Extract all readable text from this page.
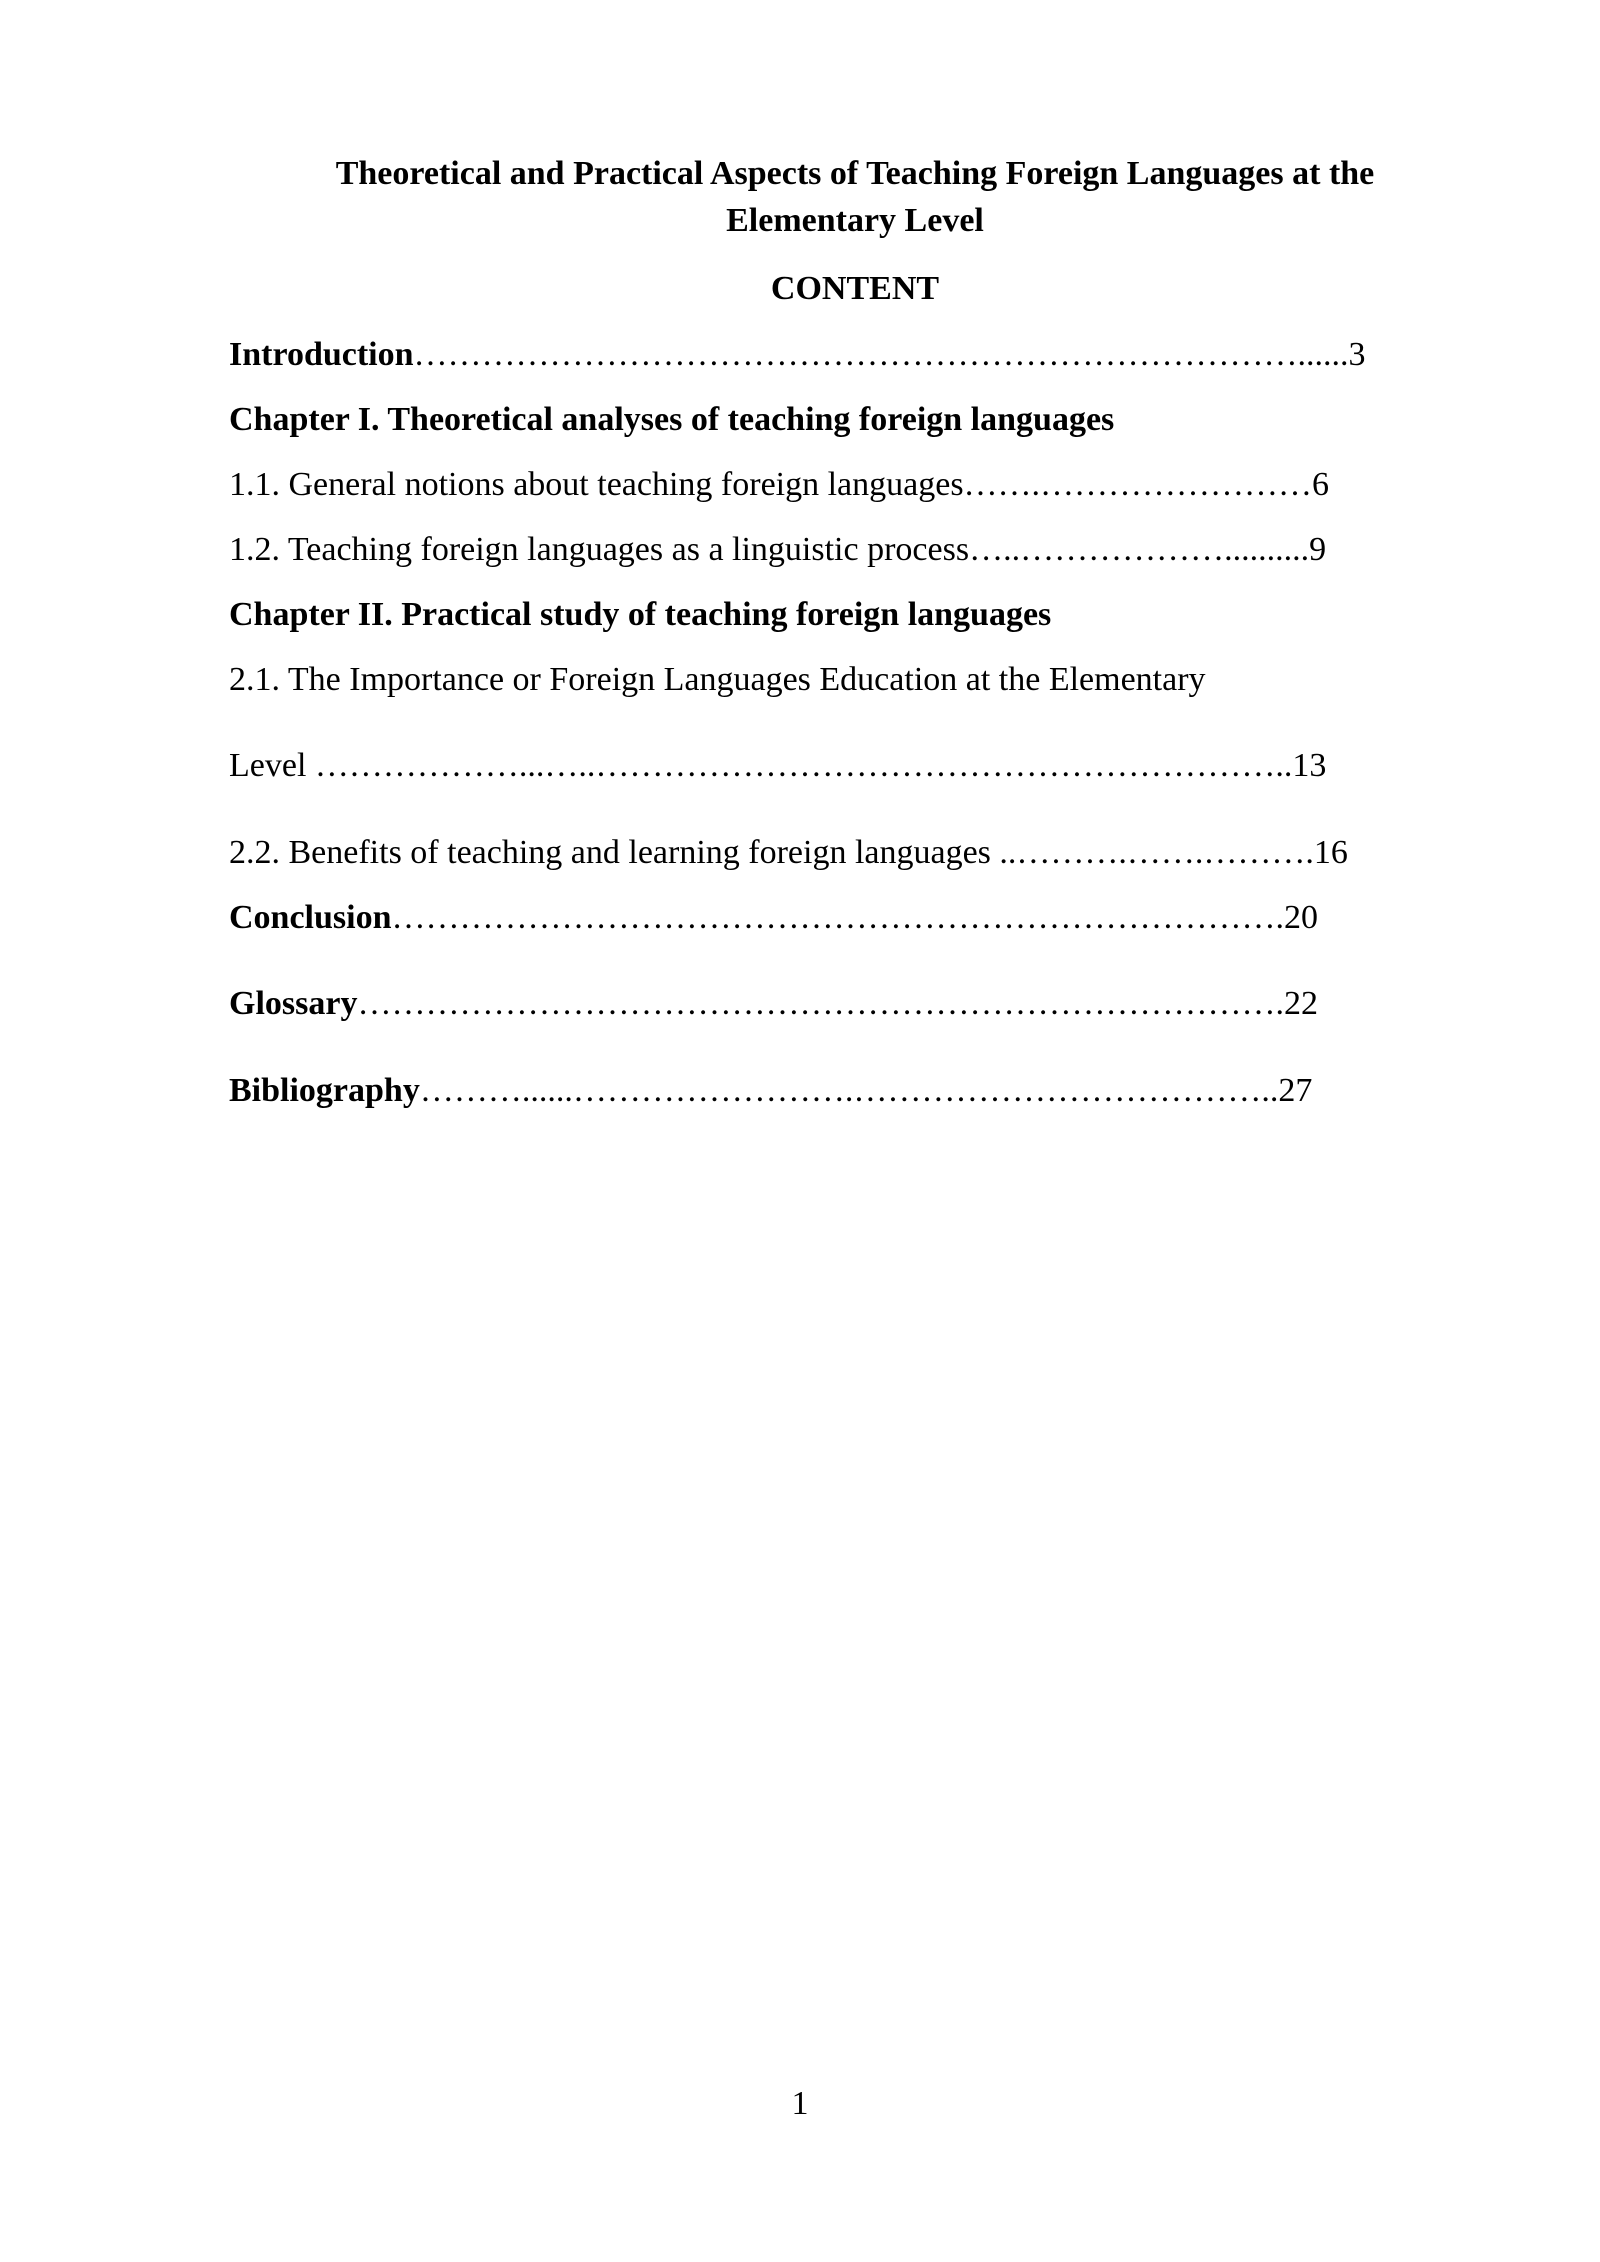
Theoretical and Practical Aspects of Teaching Foreign Languages at the
Elementary Level
CONTENT
Introduction……………………………………………………………………......3
Chapter I. Theoretical analyses of teaching foreign languages
1.1. General notions about teaching foreign languages…….……………………6
1.2. Teaching foreign languages as a linguistic process…..………………..........9
Chapter II. Practical study of teaching foreign languages
2.1. The Importance or Foreign Languages Education at the Elementary
Level ………………...…..……………………………………………………..13
2.2. Benefits of teaching and learning foreign languages ..……….…….……….16
Conclusion…………………………………………………………………….20
Glossary……………………………………………………………………….22
Bibliography………......…………………….………………………………..27
1
